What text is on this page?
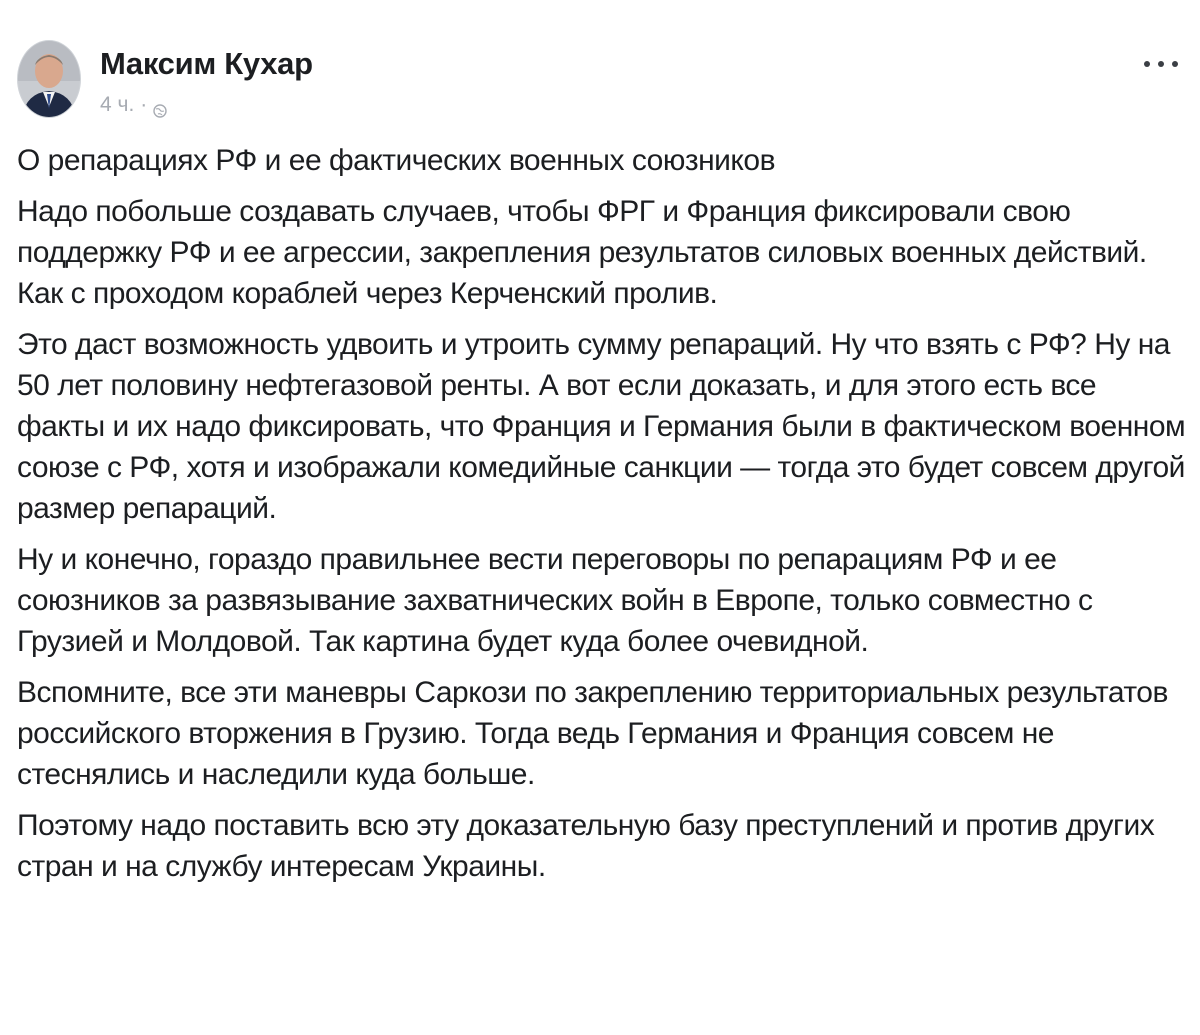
Максим Кухар
4 ч. ·

О репарациях РФ и ее фактических военных союзников

Надо побольше создавать случаев, чтобы ФРГ и Франция фиксировали свою поддержку РФ и ее агрессии, закрепления результатов силовых военных действий. Как с проходом кораблей через Керченский пролив.

Это даст возможность удвоить и утроить сумму репараций. Ну что взять с РФ? Ну на 50 лет половину нефтегазовой ренты. А вот если доказать, и для этого есть все факты и их надо фиксировать, что Франция и Германия были в фактическом военном союзе с РФ, хотя и изображали комедийные санкции — тогда это будет совсем другой размер репараций.

Ну и конечно, гораздо правильнее вести переговоры по репарациям РФ и ее союзников за развязывание захватнических войн в Европе, только совместно с Грузией и Молдовой. Так картина будет куда более очевидной.

Вспомните, все эти маневры Саркози по закреплению территориальных результатов российского вторжения в Грузию. Тогда ведь Германия и Франция совсем не стеснялись и наследили куда больше.

Поэтому надо поставить всю эту доказательную базу преступлений и против других стран и на службу интересам Украины.
